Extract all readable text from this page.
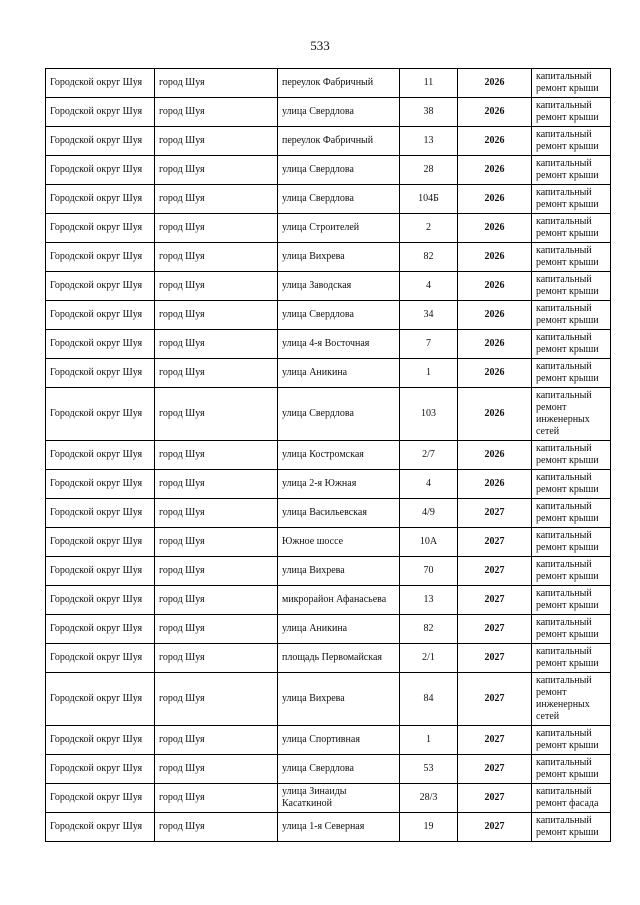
533
Городской округ Шуя	город Шуя	переулок Фабричный	11	2026	капитальный ремонт крыши
Городской округ Шуя	город Шуя	улица Свердлова	38	2026	капитальный ремонт крыши
Городской округ Шуя	город Шуя	переулок Фабричный	13	2026	капитальный ремонт крыши
Городской округ Шуя	город Шуя	улица Свердлова	28	2026	капитальный ремонт крыши
Городской округ Шуя	город Шуя	улица Свердлова	104Б	2026	капитальный ремонт крыши
Городской округ Шуя	город Шуя	улица Строителей	2	2026	капитальный ремонт крыши
Городской округ Шуя	город Шуя	улица Вихрева	82	2026	капитальный ремонт крыши
Городской округ Шуя	город Шуя	улица Заводская	4	2026	капитальный ремонт крыши
Городской округ Шуя	город Шуя	улица Свердлова	34	2026	капитальный ремонт крыши
Городской округ Шуя	город Шуя	улица 4-я Восточная	7	2026	капитальный ремонт крыши
Городской округ Шуя	город Шуя	улица Аникина	1	2026	капитальный ремонт крыши
Городской округ Шуя	город Шуя	улица Свердлова	103	2026	капитальный ремонт инженерных сетей
Городской округ Шуя	город Шуя	улица Костромская	2/7	2026	капитальный ремонт крыши
Городской округ Шуя	город Шуя	улица 2-я Южная	4	2026	капитальный ремонт крыши
Городской округ Шуя	город Шуя	улица Васильевская	4/9	2027	капитальный ремонт крыши
Городской округ Шуя	город Шуя	Южное шоссе	10А	2027	капитальный ремонт крыши
Городской округ Шуя	город Шуя	улица Вихрева	70	2027	капитальный ремонт крыши
Городской округ Шуя	город Шуя	микрорайон Афанасьева	13	2027	капитальный ремонт крыши
Городской округ Шуя	город Шуя	улица Аникина	82	2027	капитальный ремонт крыши
Городской округ Шуя	город Шуя	площадь Первомайская	2/1	2027	капитальный ремонт крыши
Городской округ Шуя	город Шуя	улица Вихрева	84	2027	капитальный ремонт инженерных сетей
Городской округ Шуя	город Шуя	улица Спортивная	1	2027	капитальный ремонт крыши
Городской округ Шуя	город Шуя	улица Свердлова	53	2027	капитальный ремонт крыши
Городской округ Шуя	город Шуя	улица Зинаиды Касаткиной	28/3	2027	капитальный ремонт фасада
Городской округ Шуя	город Шуя	улица 1-я Северная	19	2027	капитальный ремонт крыши
